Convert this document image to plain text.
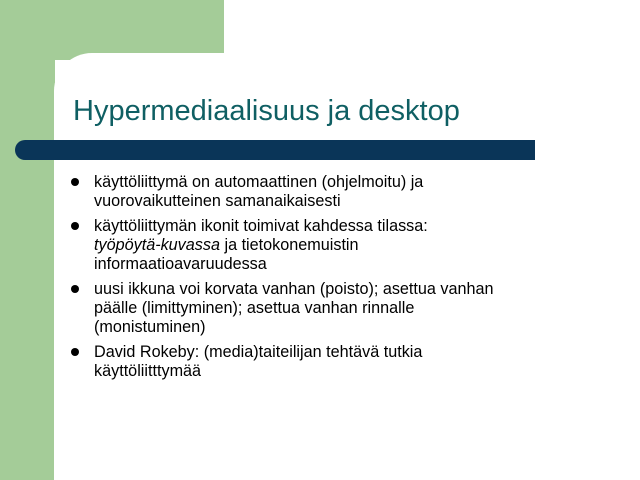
Hypermediaalisuus ja desktop
käyttöliittymä on automaattinen (ohjelmoitu) ja
vuorovaikutteinen samanaikaisesti
käyttöliittymän ikonit toimivat kahdessa tilassa:
työpöytä-kuvassa ja tietokonemuistin
informaatioavaruudessa
uusi ikkuna voi korvata vanhan (poisto); asettua vanhan
päälle (limittyminen); asettua vanhan rinnalle
(monistuminen)
David Rokeby: (media)taiteilijan tehtävä tutkia
käyttöliitttymää
